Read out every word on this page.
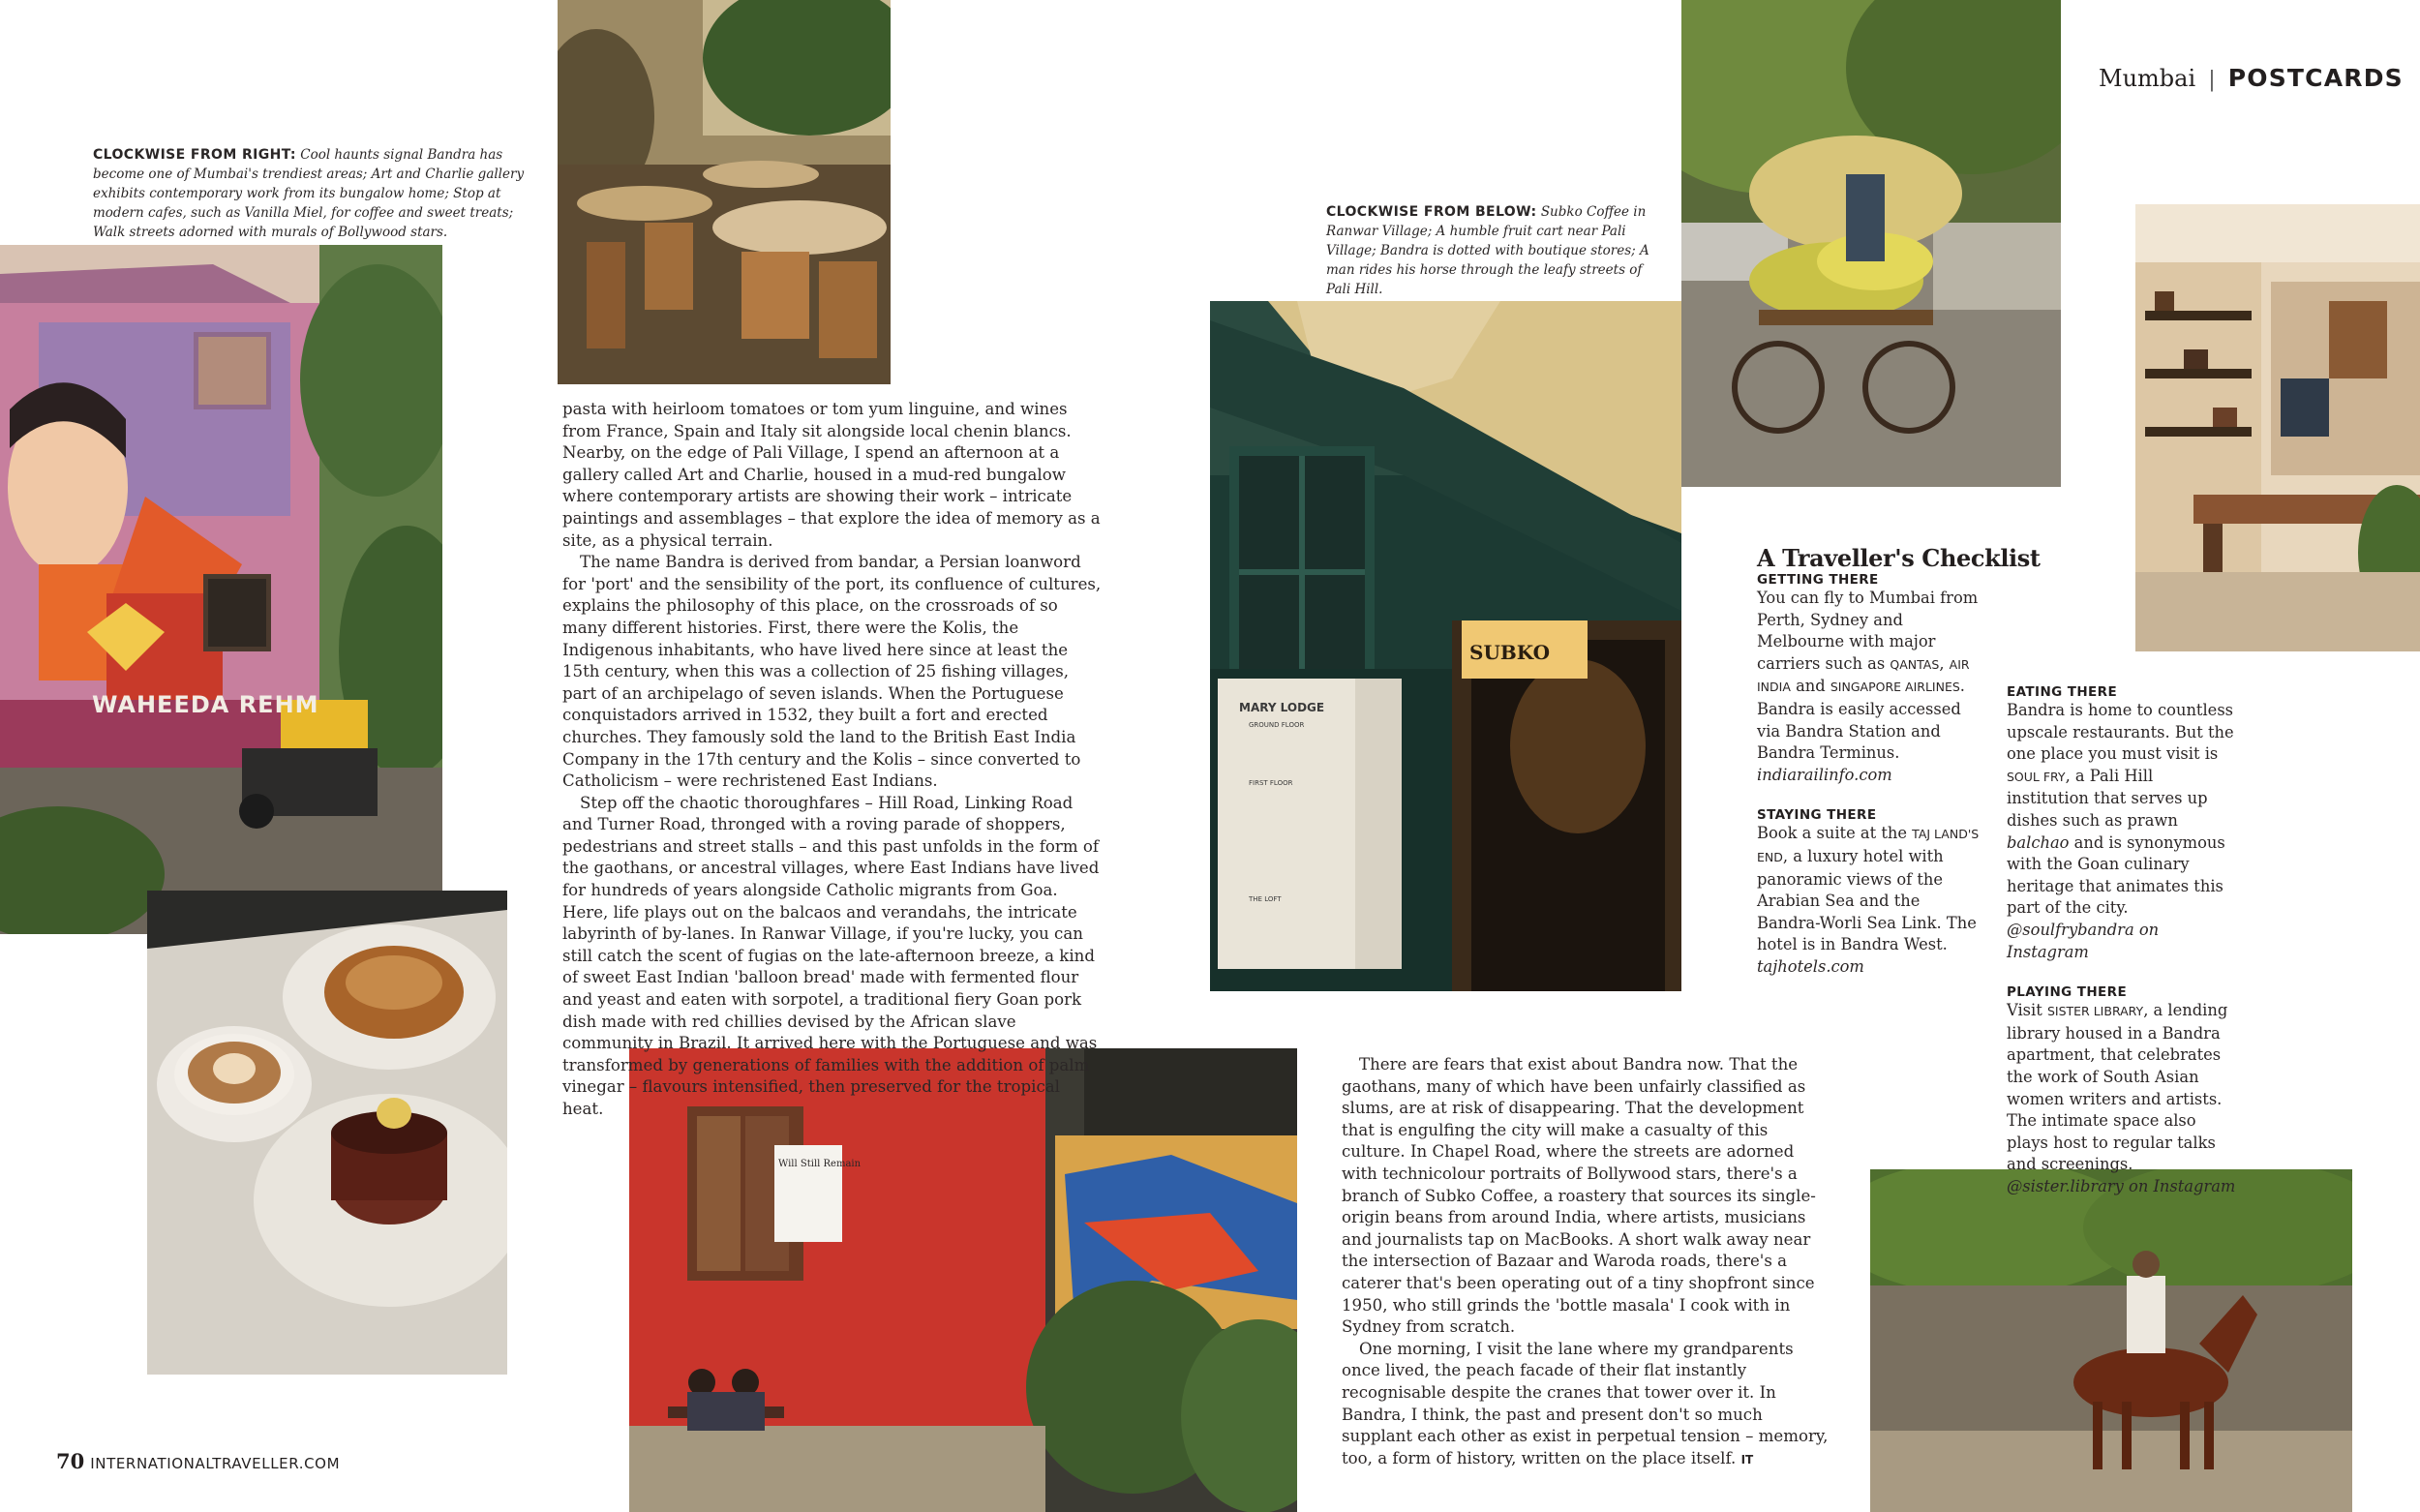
WAHEEDA REHM
Will Still Remain
SUBKO
MARY LODGE
GROUND FLOOR
FIRST FLOOR
THE LOFT
Mumbai | POSTCARDS
CLOCKWISE FROM RIGHT: Cool haunts signal Bandra has become one of Mumbai's trendiest areas; Art and Charlie gallery exhibits contemporary work from its bungalow home; Stop at modern cafes, such as Vanilla Miel, for coffee and sweet treats; Walk streets adorned with murals of Bollywood stars.
CLOCKWISE FROM BELOW: Subko Coffee in Ranwar Village; A humble fruit cart near Pali Village; Bandra is dotted with boutique stores; A man rides his horse through the leafy streets of Pali Hill.

pasta with heirloom tomatoes or tom yum linguine, and wines from France, Spain and Italy sit alongside local chenin blancs. Nearby, on the edge of Pali Village, I spend an afternoon at a gallery called Art and Charlie, housed in a mud-red bungalow where contemporary artists are showing their work – intricate paintings and assemblages – that explore the idea of memory as a site, as a physical terrain.

The name Bandra is derived from bandar, a Persian loanword for 'port' and the sensibility of the port, its confluence of cultures, explains the philosophy of this place, on the crossroads of so many different histories. First, there were the Kolis, the Indigenous inhabitants, who have lived here since at least the 15th century, when this was a collection of 25 fishing villages, part of an archipelago of seven islands. When the Portuguese conquistadors arrived in 1532, they built a fort and erected churches. They famously sold the land to the British East India Company in the 17th century and the Kolis – since converted to Catholicism – were rechristened East Indians.

Step off the chaotic thoroughfares – Hill Road, Linking Road and Turner Road, thronged with a roving parade of shoppers, pedestrians and street stalls – and this past unfolds in the form of the gaothans, or ancestral villages, where East Indians have lived for hundreds of years alongside Catholic migrants from Goa. Here, life plays out on the balcaos and verandahs, the intricate labyrinth of by-lanes. In Ranwar Village, if you're lucky, you can still catch the scent of fugias on the late-afternoon breeze, a kind of sweet East Indian 'balloon bread' made with fermented flour and yeast and eaten with sorpotel, a traditional fiery Goan pork dish made with red chillies devised by the African slave community in Brazil. It arrived here with the Portuguese and was transformed by generations of families with the addition of palm vinegar – flavours intensified, then preserved for the tropical heat.

There are fears that exist about Bandra now. That the gaothans, many of which have been unfairly classified as slums, are at risk of disappearing. That the development that is engulfing the city will make a casualty of this culture. In Chapel Road, where the streets are adorned with technicolour portraits of Bollywood stars, there's a branch of Subko Coffee, a roastery that sources its single-origin beans from around India, where artists, musicians and journalists tap on MacBooks. A short walk away near the intersection of Bazaar and Waroda roads, there's a caterer that's been operating out of a tiny shopfront since 1950, who still grinds the 'bottle masala' I cook with in Sydney from scratch.

One morning, I visit the lane where my grandparents once lived, the peach facade of their flat instantly recognisable despite the cranes that tower over it. In Bandra, I think, the past and present don't so much supplant each other as exist in perpetual tension – memory, too, a form of history, written on the place itself. IT

A Traveller's Checklist
GETTING THERE
You can fly to Mumbai from Perth, Sydney and Melbourne with major carriers such as QANTAS, AIR INDIA and SINGAPORE AIRLINES. Bandra is easily accessed via Bandra Station and Bandra Terminus. indiarailinfo.com
STAYING THERE
Book a suite at the TAJ LAND'S END, a luxury hotel with panoramic views of the Arabian Sea and the Bandra-Worli Sea Link. The hotel is in Bandra West. tajhotels.com
EATING THERE
Bandra is home to countless upscale restaurants. But the one place you must visit is SOUL FRY, a Pali Hill institution that serves up dishes such as prawn balchao and is synonymous with the Goan culinary heritage that animates this part of the city. @soulfrybandra on Instagram
PLAYING THERE
Visit SISTER LIBRARY, a lending library housed in a Bandra apartment, that celebrates the work of South Asian women writers and artists. The intimate space also plays host to regular talks and screenings. @sister.library on Instagram
70 INTERNATIONALTRAVELLER.COM
